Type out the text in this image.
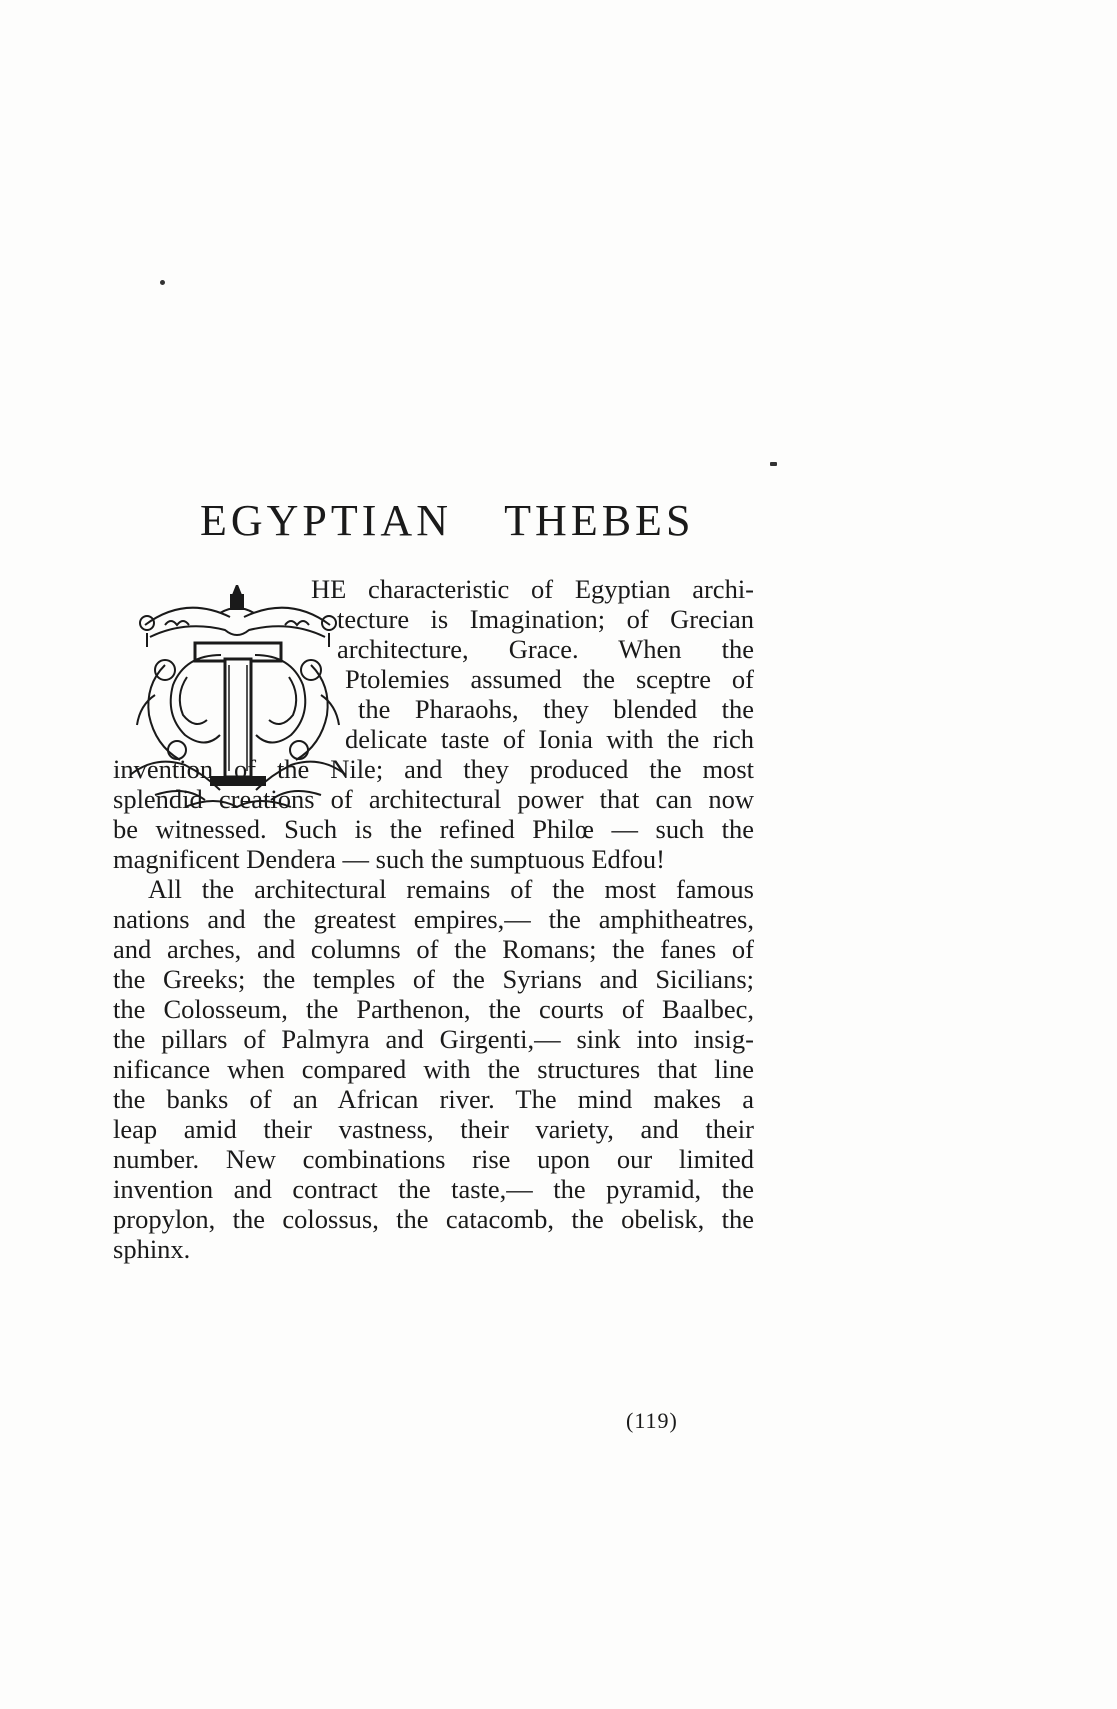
EGYPTIAN THEBES
HE characteristic of Egyptian archi-
tecture is Imagination; of Grecian
architecture, Grace. When the
Ptolemies assumed the sceptre of
the Pharaohs, they blended the
delicate taste of Ionia with the rich
invention of the Nile; and they produced the most
splendid creations of architectural power that can now
be witnessed. Such is the refined Philœ — such the
magnificent Dendera — such the sumptuous Edfou!
All the architectural remains of the most famous
nations and the greatest empires,— the amphitheatres,
and arches, and columns of the Romans; the fanes of
the Greeks; the temples of the Syrians and Sicilians;
the Colosseum, the Parthenon, the courts of Baalbec,
the pillars of Palmyra and Girgenti,— sink into insig-
nificance when compared with the structures that line
the banks of an African river. The mind makes a
leap amid their vastness, their variety, and their
number. New combinations rise upon our limited
invention and contract the taste,— the pyramid, the
propylon, the colossus, the catacomb, the obelisk, the
sphinx.
(119)
